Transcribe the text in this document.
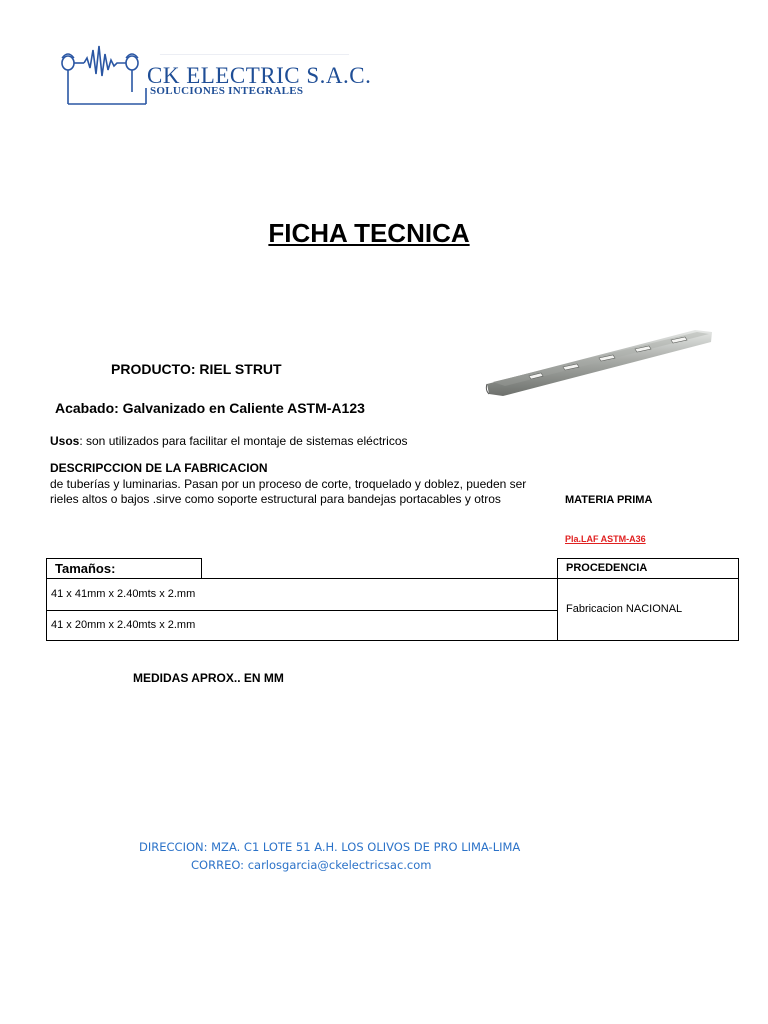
__________________________________________
CK ELECTRIC S.A.C.
SOLUCIONES INTEGRALES
FICHA TECNICA
PRODUCTO: RIEL STRUT
Acabado: Galvanizado en Caliente ASTM-A123
Usos: son utilizados para facilitar el montaje de sistemas eléctricos
DESCRIPCCION DE LA FABRICACION
de tuberías y luminarias. Pasan por un proceso de corte, troquelado y doblez, pueden ser rieles altos o bajos .sirve como soporte estructural para bandejas portacables y otros	MATERIA PRIMA
Pla.LAF ASTM-A36
Tamaños:	PROCEDENCIA
41 x 41mm x 2.40mts x 2.mm
41 x 20mm x 2.40mts x 2.mm
Fabricacion NACIONAL
MEDIDAS APROX.. EN MM
DIRECCION: MZA. C1 LOTE 51 A.H. LOS OLIVOS DE PRO LIMA-LIMA
CORREO: carlosgarcia@ckelectricsac.com
